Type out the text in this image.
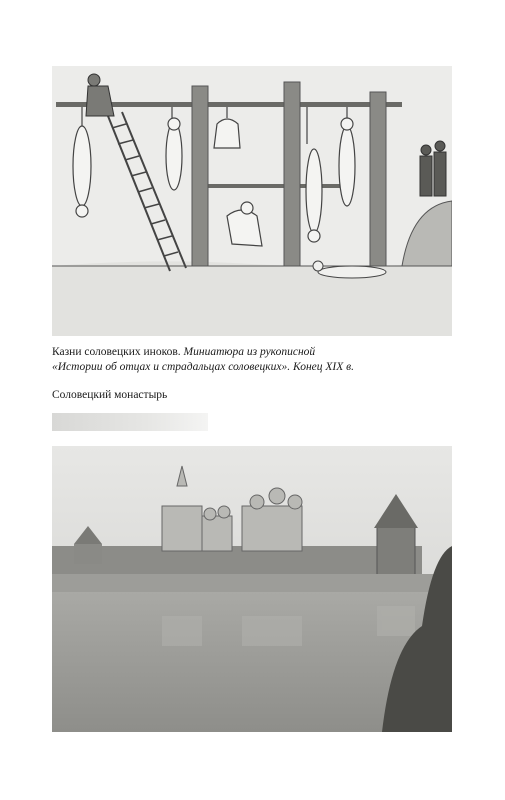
Казни соловецких иноков. Миниатюра из рукописной
«Истории об отцах и страдальцах соловецких». Конец XIX в.
Соловецкий монастырь
